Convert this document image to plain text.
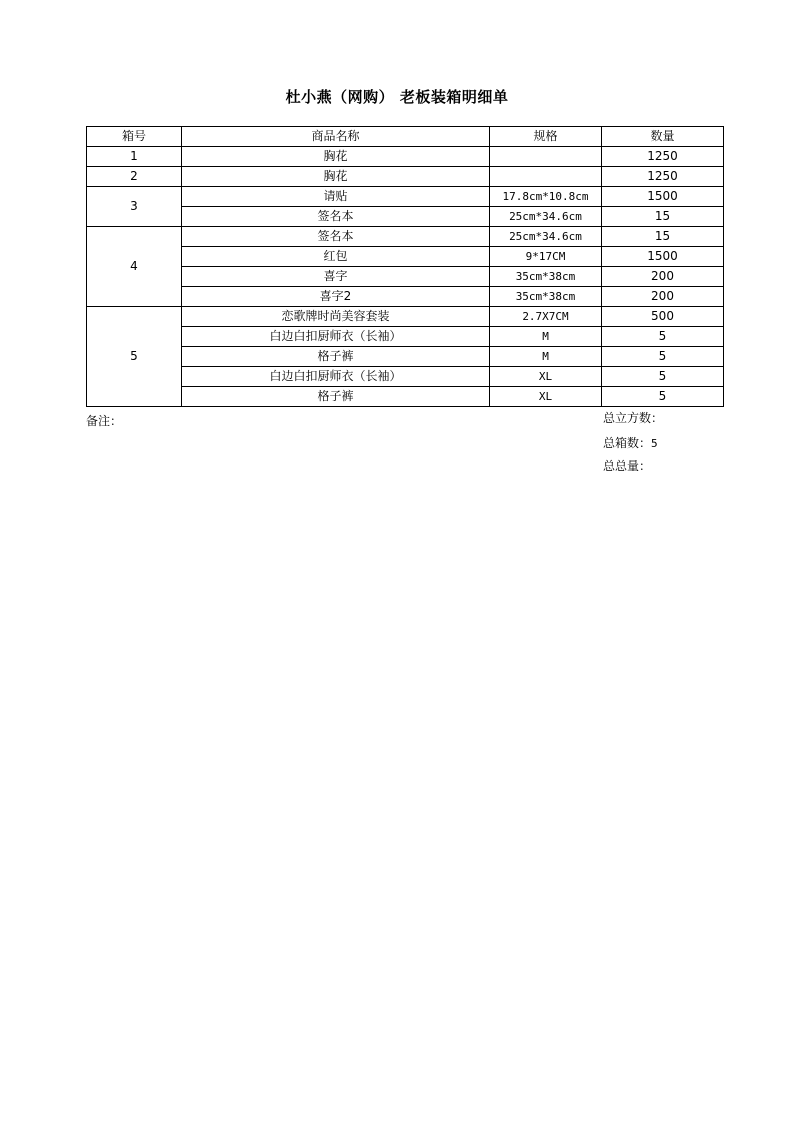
杜小燕（网购） 老板装箱明细单
箱号	商品名称	规格	数量
1	胸花		1250
2	胸花		1250
3	请贴	17.8cm*10.8cm	1500
	签名本	25cm*34.6cm	15
4	签名本	25cm*34.6cm	15
	红包	9*17CM	1500
	喜字	35cm*38cm	200
	喜字2	35cm*38cm	200
5	恋歌牌时尚美容套装	2.7X7CM	500
	白边白扣厨师衣（长袖）	M	5
	格子裤	M	5
	白边白扣厨师衣（长袖）	XL	5
	格子裤	XL	5
备注：	总立方数：
总箱数：5
总总量：
